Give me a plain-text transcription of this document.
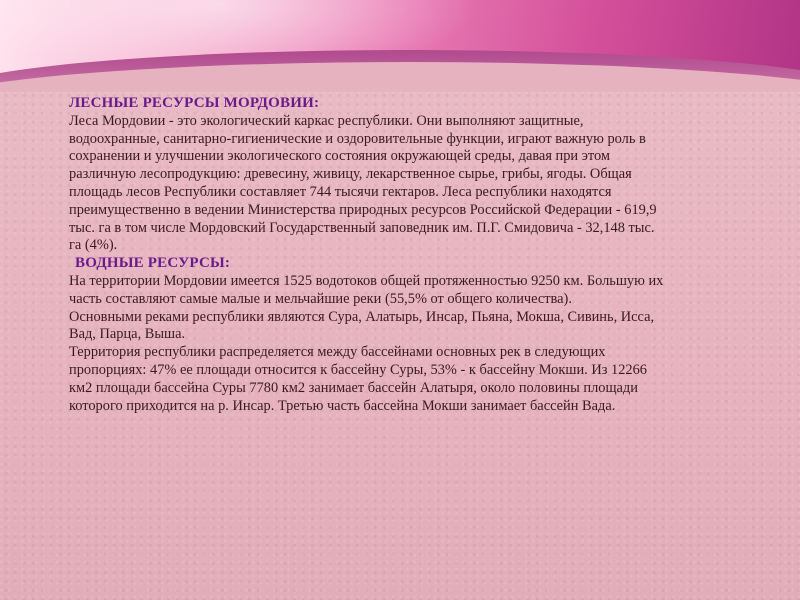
ЛЕСНЫЕ РЕСУРСЫ МОРДОВИИ:

Леса Мордовии - это экологический каркас республики. Они выполняют защитные, водоохранные, санитарно-гигиенические и оздоровительные функции, играют важную роль в сохранении и улучшении экологического состояния окружающей среды, давая при этом различную лесопродукцию: древесину, живицу, лекарственное сырье, грибы, ягоды. Общая площадь лесов Республики составляет 744 тысячи гектаров. Леса республики находятся преимущественно в ведении Министерства природных ресурсов Российской Федерации - 619,9 тыс. га в том числе Мордовский Государственный заповедник им. П.Г. Смидовича - 32,148 тыс. га (4%).

ВОДНЫЕ РЕСУРСЫ:

На территории Мордовии имеется 1525 водотоков общей протяженностью 9250 км. Большую их часть составляют самые малые и мельчайшие реки (55,5% от общего количества).

Основными реками республики являются Сура, Алатырь, Инсар, Пьяна, Мокша, Сивинь, Исса, Вад, Парца, Выша.

Территория республики распределяется между бассейнами основных рек в следующих пропорциях: 47% ее площади относится к бассейну Суры, 53% - к бассейну Мокши. Из 12266 км2 площади бассейна Суры 7780 км2 занимает бассейн Алатыря, около половины площади которого приходится на р. Инсар. Третью часть бассейна Мокши занимает бассейн Вада.
